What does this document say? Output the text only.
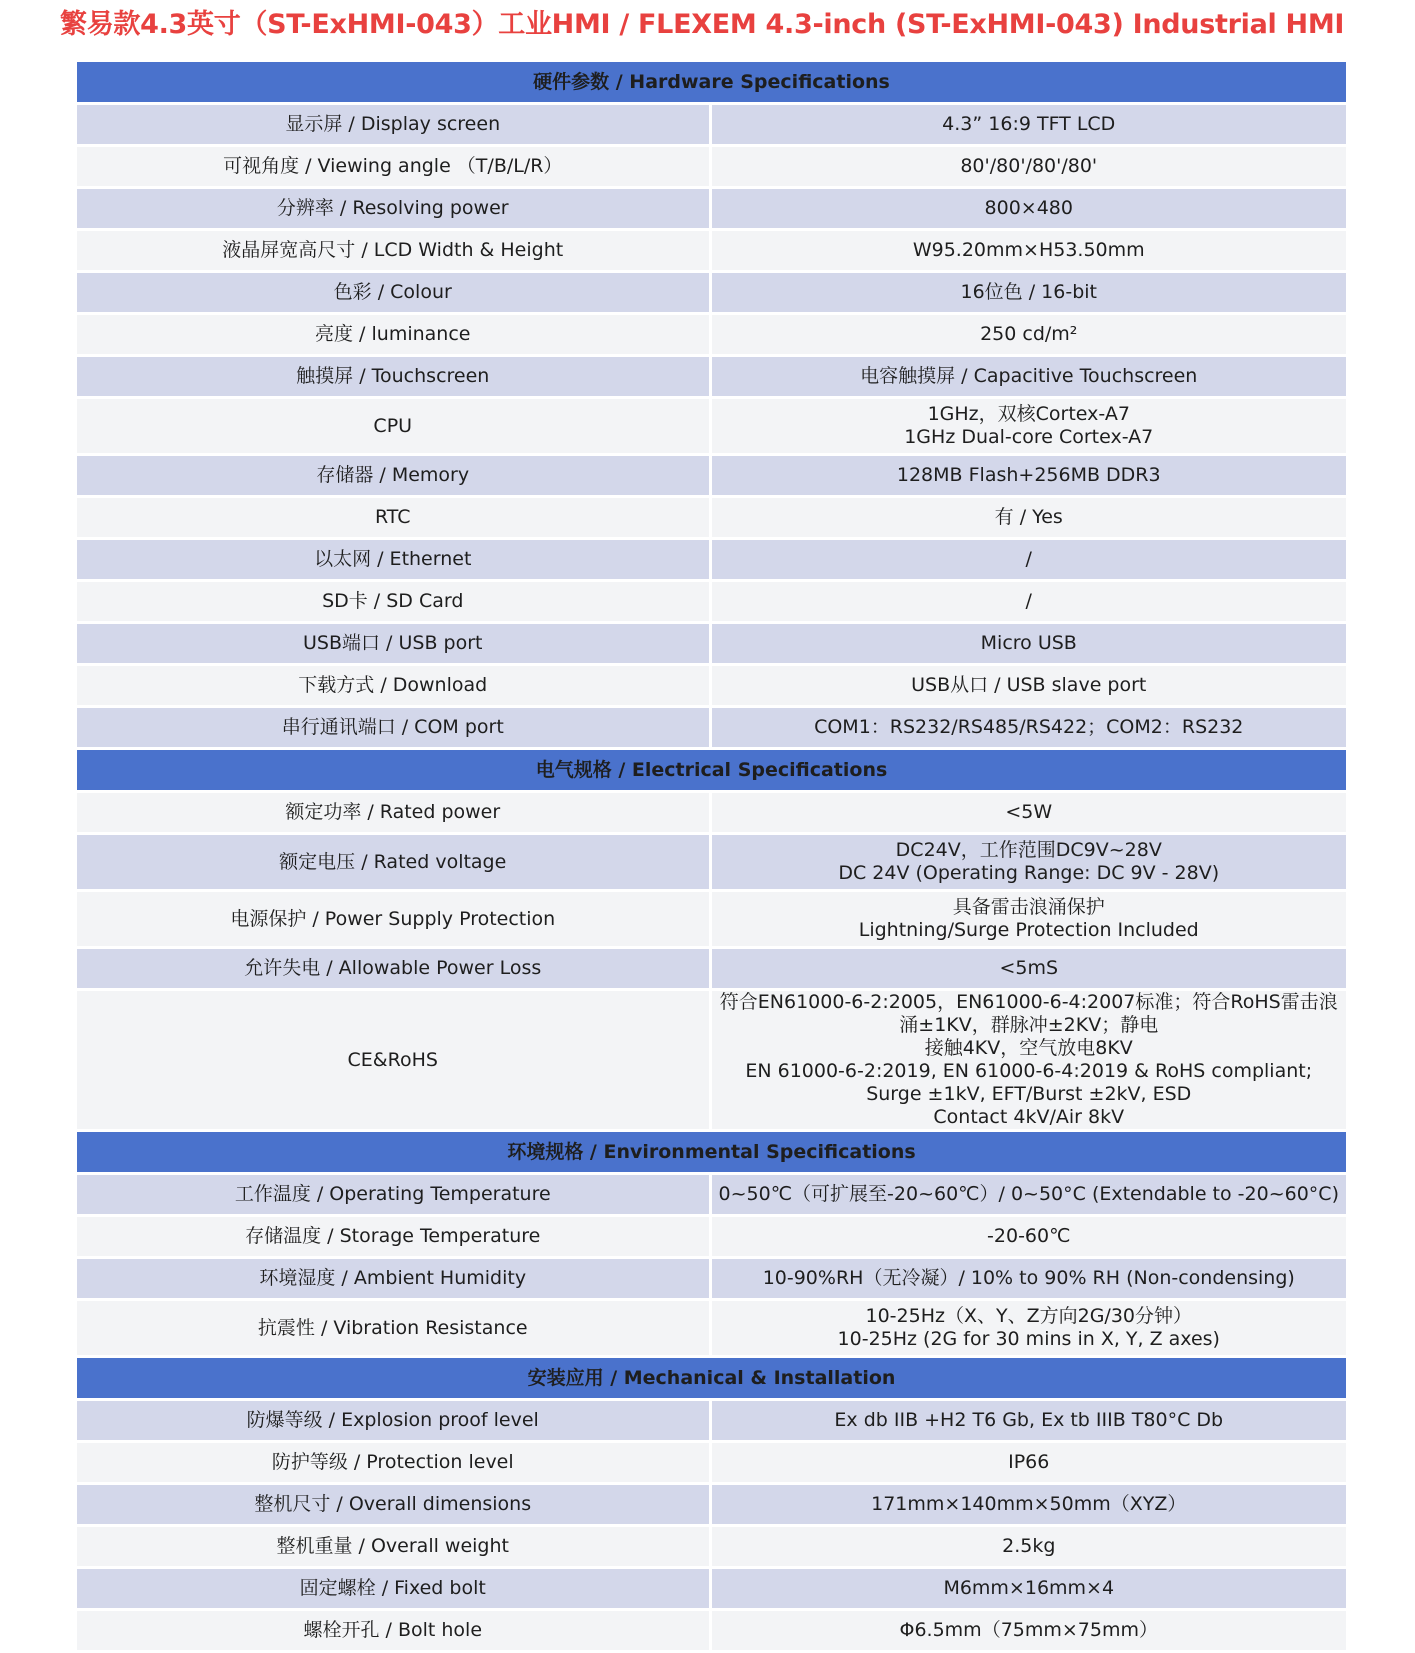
繁易款4.3英寸（ST-ExHMI-043）工业HMI / FLEXEM 4.3-inch (ST-ExHMI-043) Industrial HMI
硬件参数 / Hardware Specifications	
显示屏 / Display screen	4.3” 16:9 TFT LCD

可视角度 / Viewing angle （T/B/L/R）	80'/80'/80'/80'

分辨率 / Resolving power	800×480

液晶屏宽高尺寸 / LCD Width & Height	W95.20mm×H53.50mm

色彩 / Colour	16位色 / 16-bit

亮度 / luminance	250 cd/m²

触摸屏 / Touchscreen	电容触摸屏 / Capacitive Touchscreen

CPU	1GHz，双核Cortex-A7
1GHz Dual-core Cortex-A7

存储器 / Memory	128MB Flash+256MB DDR3

RTC	有 / Yes

以太网 / Ethernet	/

SD卡 / SD Card	/

USB端口 / USB port	Micro USB

下载方式 / Download	USB从口 / USB slave port

串行通讯端口 / COM port	COM1：RS232/RS485/RS422；COM2：RS232

电气规格 / Electrical Specifications	
额定功率 / Rated power	<5W

额定电压 / Rated voltage	DC24V，工作范围DC9V~28V
DC 24V (Operating Range: DC 9V - 28V)

电源保护 / Power Supply Protection	具备雷击浪涌保护
Lightning/Surge Protection Included

允许失电 / Allowable Power Loss	<5mS

CE&RoHS	符合EN61000-6-2:2005，EN61000-6-4:2007标准；符合RoHS雷击浪涌±1KV，群脉冲±2KV；静电
接触4KV，空气放电8KV
EN 61000-6-2:2019, EN 61000-6-4:2019 & RoHS compliant; Surge ±1kV, EFT/Burst ±2kV, ESD
Contact 4kV/Air 8kV

环境规格 / Environmental Specifications	
工作温度 / Operating Temperature	0~50℃（可扩展至-20~60℃）/ 0~50°C (Extendable to -20~60°C)

存储温度 / Storage Temperature	-20-60℃

环境湿度 / Ambient Humidity	10-90%RH（无冷凝）/ 10% to 90% RH (Non-condensing)

抗震性 / Vibration Resistance	10-25Hz（X、Y、Z方向2G/30分钟）
10-25Hz (2G for 30 mins in X, Y, Z axes)

安装应用 / Mechanical & Installation	
防爆等级 / Explosion proof level	Ex db IIB +H2 T6 Gb, Ex tb IIIB T80°C Db

防护等级 / Protection level	IP66

整机尺寸 / Overall dimensions	171mm×140mm×50mm（XYZ）

整机重量 / Overall weight	2.5kg

固定螺栓 / Fixed bolt	M6mm×16mm×4

螺栓开孔 / Bolt hole	Φ6.5mm（75mm×75mm）
